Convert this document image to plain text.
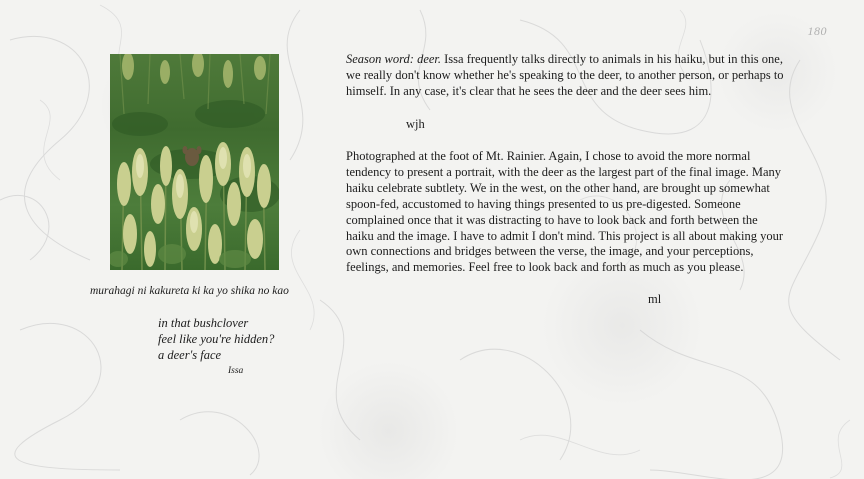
180
murahagi ni kakureta ki ka yo shika no kao
in that bushclover
feel like you're hidden?
a deer's face
Issa

Season word: deer. Issa frequently talks directly to animals in his haiku, but in this one, we really don't know whether he's speaking to the deer, to another person, or perhaps to himself. In any case, it's clear that he sees the deer and the deer sees him.

wjh

Photographed at the foot of Mt. Rainier. Again, I chose to avoid the more normal tendency to present a portrait, with the deer as the largest part of the final image. Many haiku celebrate subtlety. We in the west, on the other hand, are brought up somewhat spoon-fed, accustomed to having things presented to us pre-digested. Someone complained once that it was distracting to have to look back and forth between the haiku and the image. I have to admit I don't mind. This project is all about making your own connections and bridges between the verse, the image, and your perceptions, feelings, and memories. Feel free to look back and forth as much as you please.

ml
